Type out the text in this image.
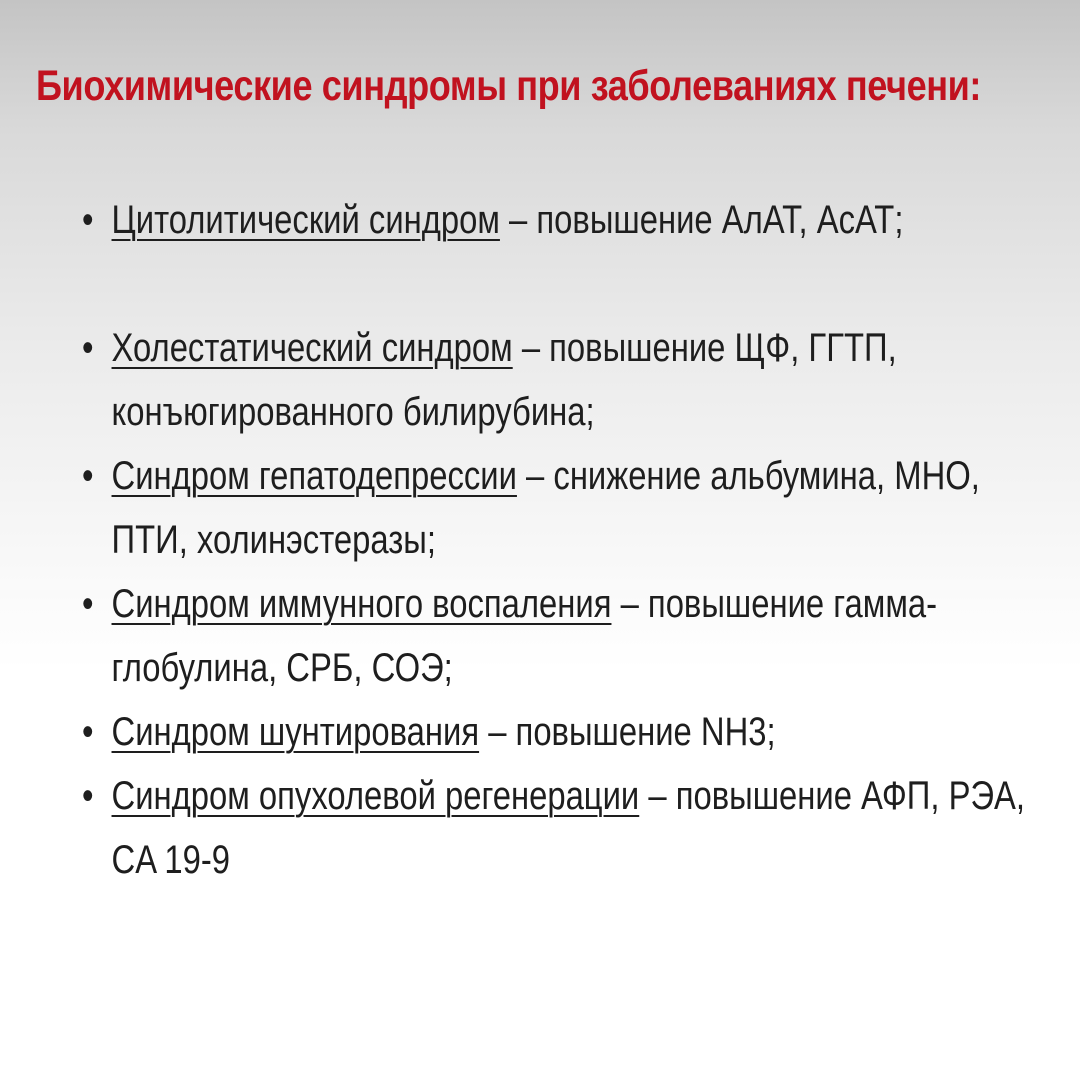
Биохимические синдромы при заболеваниях печени:
• Цитолитический синдром – повышение АлАТ, АсАТ;
• Холестатический синдром – повышение ЩФ, ГГТП, конъюгированного билирубина;
• Синдром гепатодепрессии – снижение альбумина, МНО, ПТИ, холинэстеразы;
• Синдром иммунного воспаления – повышение гамма-глобулина, СРБ, СОЭ;
• Синдром шунтирования – повышение NH3;
• Синдром опухолевой регенерации – повышение АФП, РЭА, CA 19-9
